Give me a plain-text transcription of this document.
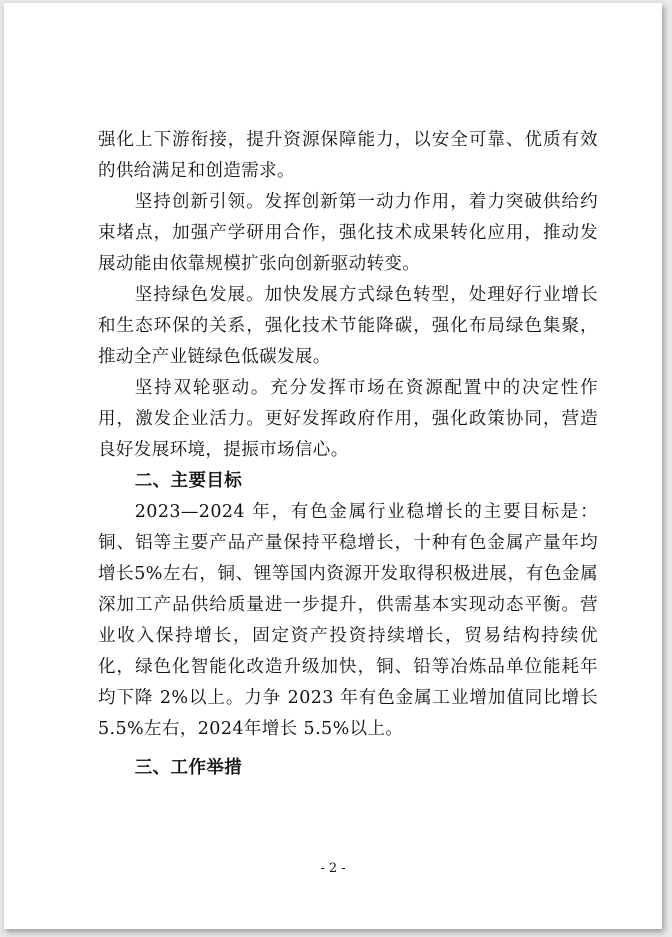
强化上下游衔接，提升资源保障能力，以安全可靠、优质有效的供给满足和创造需求。

坚持创新引领。发挥创新第一动力作用，着力突破供给约束堵点，加强产学研用合作，强化技术成果转化应用，推动发展动能由依靠规模扩张向创新驱动转变。

坚持绿色发展。加快发展方式绿色转型，处理好行业增长和生态环保的关系，强化技术节能降碳，强化布局绿色集聚，推动全产业链绿色低碳发展。

坚持双轮驱动。充分发挥市场在资源配置中的决定性作用，激发企业活力。更好发挥政府作用，强化政策协同，营造良好发展环境，提振市场信心。

二、主要目标

2023—2024 年，有色金属行业稳增长的主要目标是：铜、铝等主要产品产量保持平稳增长，十种有色金属产量年均增长5%左右，铜、锂等国内资源开发取得积极进展，有色金属深加工产品供给质量进一步提升，供需基本实现动态平衡。营业收入保持增长，固定资产投资持续增长，贸易结构持续优化，绿色化智能化改造升级加快，铜、铅等冶炼品单位能耗年均下降 2%以上。力争 2023 年有色金属工业增加值同比增长 5.5%左右，2024年增长 5.5%以上。

三、工作举措
- 2 -
